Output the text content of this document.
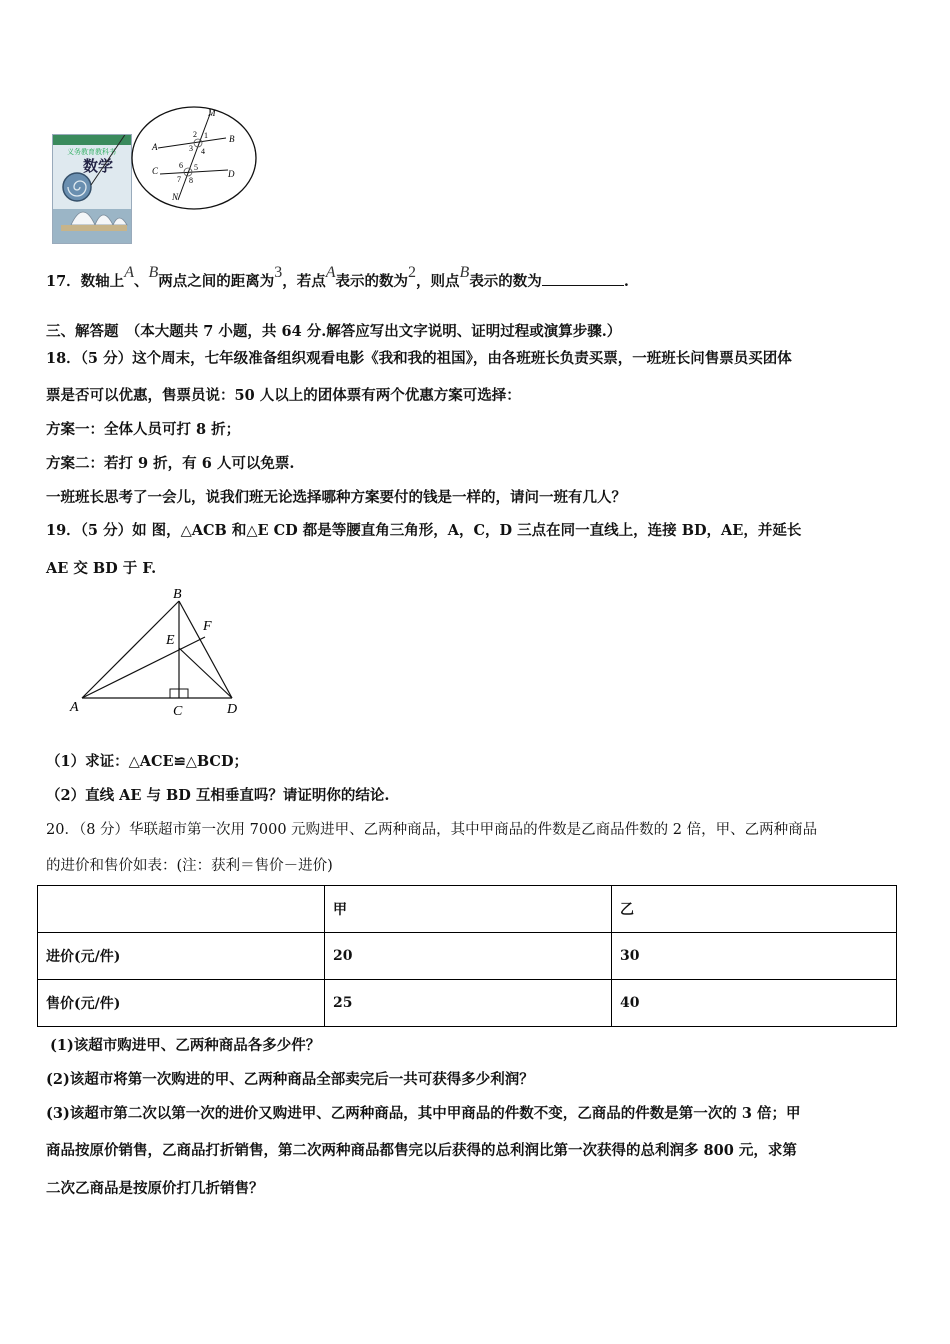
义务教育教科书
数学
M
A
B
C	D
N
2 1
3 4
6 5
7 8
17．数轴上A、B两点之间的距离为3，若点A表示的数为2，则点B表示的数为	.
三、解答题　（本大题共 7 小题，共 64 分.解答应写出文字说明、证明过程或演算步骤.）
18．（5 分）这个周末，七年级准备组织观看电影《我和我的祖国》，由各班班长负责买票，一班班长问售票员买团体
票是否可以优惠，售票员说：50 人以上的团体票有两个优惠方案可选择：
方案一：全体人员可打 8 折；
方案二：若打 9 折，有 6 人可以免票.
一班班长思考了一会儿，说我们班无论选择哪种方案要付的钱是一样的，请问一班有几人？
19．（5 分）如 图，△ACB 和△E CD 都是等腰直角三角形，A，C，D 三点在同一直线上，连接 BD，AE，并延长
AE 交 BD 于 F.
B
F
E
A	C	D
（1）求证：△ACE≌△BCD；
（2）直线 AE 与 BD 互相垂直吗？请证明你的结论.
20．（8 分）华联超市第一次用 7000 元购进甲、乙两种商品，其中甲商品的件数是乙商品件数的 2 倍，甲、乙两种商品
的进价和售价如表：(注：获利＝售价－进价)
	甲	乙
进价(元/件)	20	30
售价(元/件)	25	40
(1)该超市购进甲、乙两种商品各多少件？
(2)该超市将第一次购进的甲、乙两种商品全部卖完后一共可获得多少利润？
(3)该超市第二次以第一次的进价又购进甲、乙两种商品，其中甲商品的件数不变，乙商品的件数是第一次的 3 倍；甲
商品按原价销售，乙商品打折销售，第二次两种商品都售完以后获得的总利润比第一次获得的总利润多 800 元，求第
二次乙商品是按原价打几折销售？
